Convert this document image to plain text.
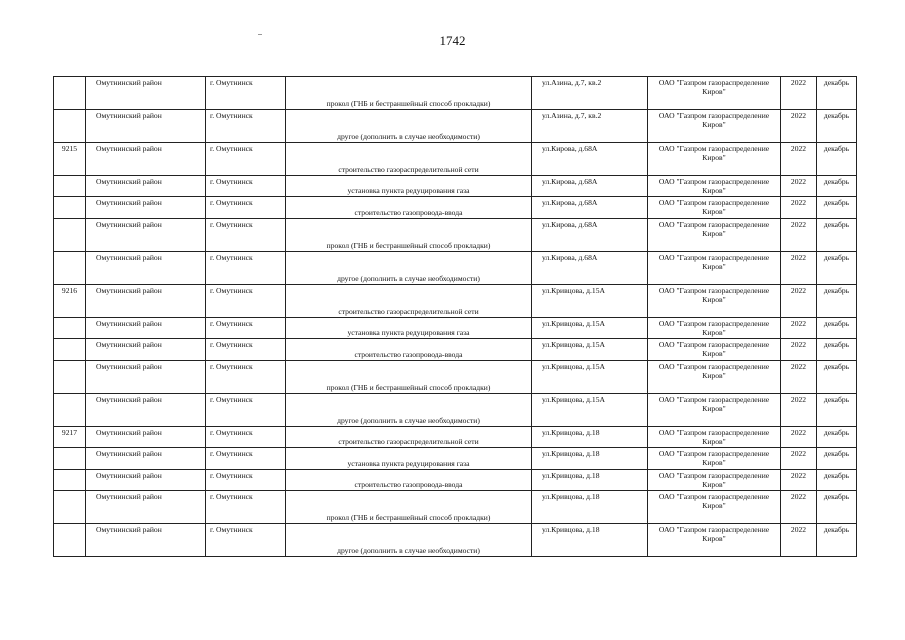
1742
	Омутнинский район	г. Омутнинск	прокол (ГНБ и бестраншейный способ прокладки)	ул.Азина, д.7, кв.2	ОАО "Газпром газораспределение Киров"	2022	декабрь
	Омутнинский район	г. Омутнинск	другое (дополнить в случае необходимости)	ул.Азина, д.7, кв.2	ОАО "Газпром газораспределение Киров"	2022	декабрь
9215	Омутнинский район	г. Омутнинск	строительство газораспределительной сети	ул.Кирова, д.68А	ОАО "Газпром газораспределение Киров"	2022	декабрь
	Омутнинский район	г. Омутнинск	установка пункта редуцирования газа	ул.Кирова, д.68А	ОАО "Газпром газораспределение Киров"	2022	декабрь
	Омутнинский район	г. Омутнинск	строительство газопровода-ввода	ул.Кирова, д.68А	ОАО "Газпром газораспределение Киров"	2022	декабрь
	Омутнинский район	г. Омутнинск	прокол (ГНБ и бестраншейный способ прокладки)	ул.Кирова, д.68А	ОАО "Газпром газораспределение Киров"	2022	декабрь
	Омутнинский район	г. Омутнинск	другое (дополнить в случае необходимости)	ул.Кирова, д.68А	ОАО "Газпром газораспределение Киров"	2022	декабрь
9216	Омутнинский район	г. Омутнинск	строительство газораспределительной сети	ул.Кривцова, д.15А	ОАО "Газпром газораспределение Киров"	2022	декабрь
	Омутнинский район	г. Омутнинск	установка пункта редуцирования газа	ул.Кривцова, д.15А	ОАО "Газпром газораспределение Киров"	2022	декабрь
	Омутнинский район	г. Омутнинск	строительство газопровода-ввода	ул.Кривцова, д.15А	ОАО "Газпром газораспределение Киров"	2022	декабрь
	Омутнинский район	г. Омутнинск	прокол (ГНБ и бестраншейный способ прокладки)	ул.Кривцова, д.15А	ОАО "Газпром газораспределение Киров"	2022	декабрь
	Омутнинский район	г. Омутнинск	другое (дополнить в случае необходимости)	ул.Кривцова, д.15А	ОАО "Газпром газораспределение Киров"	2022	декабрь
9217	Омутнинский район	г. Омутнинск	строительство газораспределительной сети	ул.Кривцова, д.18	ОАО "Газпром газораспределение Киров"	2022	декабрь
	Омутнинский район	г. Омутнинск	установка пункта редуцирования газа	ул.Кривцова, д.18	ОАО "Газпром газораспределение Киров"	2022	декабрь
	Омутнинский район	г. Омутнинск	строительство газопровода-ввода	ул.Кривцова, д.18	ОАО "Газпром газораспределение Киров"	2022	декабрь
	Омутнинский район	г. Омутнинск	прокол (ГНБ и бестраншейный способ прокладки)	ул.Кривцова, д.18	ОАО "Газпром газораспределение Киров"	2022	декабрь
	Омутнинский район	г. Омутнинск	другое (дополнить в случае необходимости)	ул.Кривцова, д.18	ОАО "Газпром газораспределение Киров"	2022	декабрь
